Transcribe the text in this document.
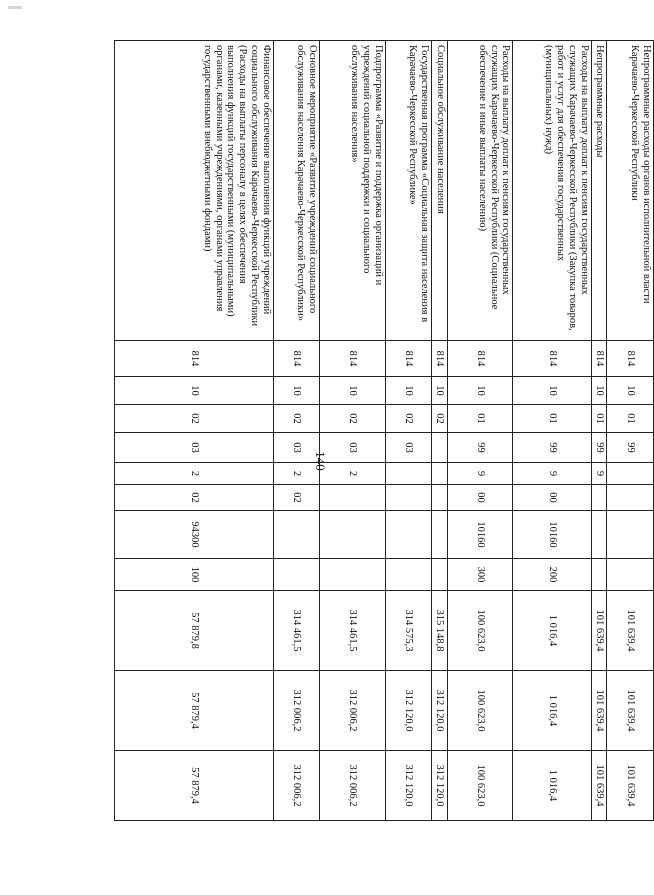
140
Непрограммные расходы органов исполнительной власти Карачаево-Черкесской Республики	814	10	01	99					101 639,4	101 639,4	101 639,4
Непрограммные расходы	814	10	01	99	9				101 639,4	101 639,4	101 639,4
Расходы на выплату доплат к пенсиям государственных служащих Карачаево-Черкесской Республики (Закупка товаров, работ и услуг для обеспечения государственных (муниципальных) нужд)	814	10	01	99	9	00	10160	200	1 016,4	1 016,4	1 016,4
Расходы на выплату доплат к пенсиям государственных служащих Карачаево-Черкесской Республики (Социальное обеспечение и иные выплаты населению)	814	10	01	99	9	00	10160	300	100 623,0	100 623,0	100 623,0
Социальное обслуживание населения	814	10	02						315 148,8	312 120,0	312 120,0
Государственная программа «Социальная защита населения в Карачаево-Черкесской Республике»	814	10	02	03					314 575,3	312 120,0	312 120,0
Подпрограмма «Развитие и поддержка организаций и учреждений социальной поддержки и социального обслуживания населения»	814	10	02	03	2				314 461,5	312 006,2	312 006,2
Основное мероприятие «Развитие учреждений социального обслуживания населения Карачаево-Черкесской Республики»	814	10	02	03	2	02			314 461,5	312 006,2	312 006,2
Финансовое обеспечение выполнения функций учреждений социального обслуживания Карачаево-Черкесской Республики (Расходы на выплаты персоналу в целях обеспечения выполнения функций государственными (муниципальными) органами, казенными учреждениями, органами управления государственными внебюджетными фондами)	814	10	02	03	2	02	94300	100	57 879,8	57 879,4	57 879,4
